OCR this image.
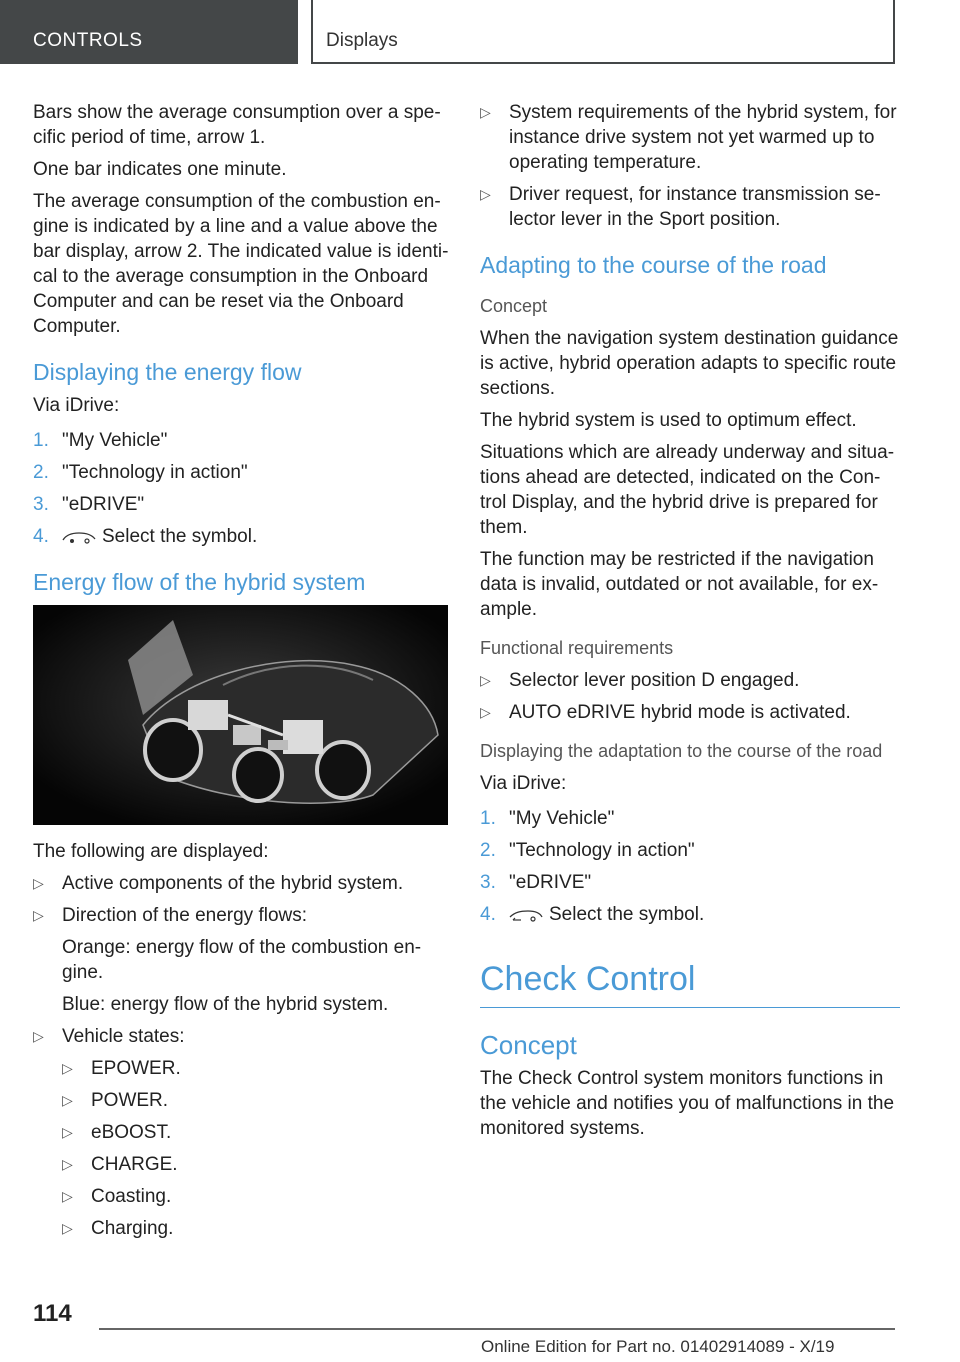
CONTROLS	Displays

Bars show the average consumption over a specific period of time, arrow 1.

One bar indicates one minute.

The average consumption of the combustion engine is indicated by a line and a value above the bar display, arrow 2. The indicated value is identical to the average consumption in the Onboard Computer and can be reset via the Onboard Computer.

Displaying the energy flow

Via iDrive:

1. "My Vehicle"
2. "Technology in action"
3. "eDRIVE"
4.	Select the symbol.
Energy flow of the hybrid system

The following are displayed:

▷ Active components of the hybrid system.
▷ Direction of the energy flows:

Orange: energy flow of the combustion engine.

Blue: energy flow of the hybrid system.

▷ Vehicle states:
▷ EPOWER.
▷ POWER.
▷ eBOOST.
▷ CHARGE.
▷ Coasting.
▷ Charging.
▷ System requirements of the hybrid system, for instance drive system not yet warmed up to operating temperature.
▷ Driver request, for instance transmission selector lever in the Sport position.
Adapting to the course of the road
Concept

When the navigation system destination guidance is active, hybrid operation adapts to specific route sections.

The hybrid system is used to optimum effect.

Situations which are already underway and situations ahead are detected, indicated on the Control Display, and the hybrid drive is prepared for them.

The function may be restricted if the navigation data is invalid, outdated or not available, for example.

Functional requirements
▷ Selector lever position D engaged.
▷ AUTO eDRIVE hybrid mode is activated.
Displaying the adaptation to the course of the road

Via iDrive:

1. "My Vehicle"
2. "Technology in action"
3. "eDRIVE"
4.	Select the symbol.
Check Control
Concept

The Check Control system monitors functions in the vehicle and notifies you of malfunctions in the monitored systems.

114
Online Edition for Part no. 01402914089 - X/19
